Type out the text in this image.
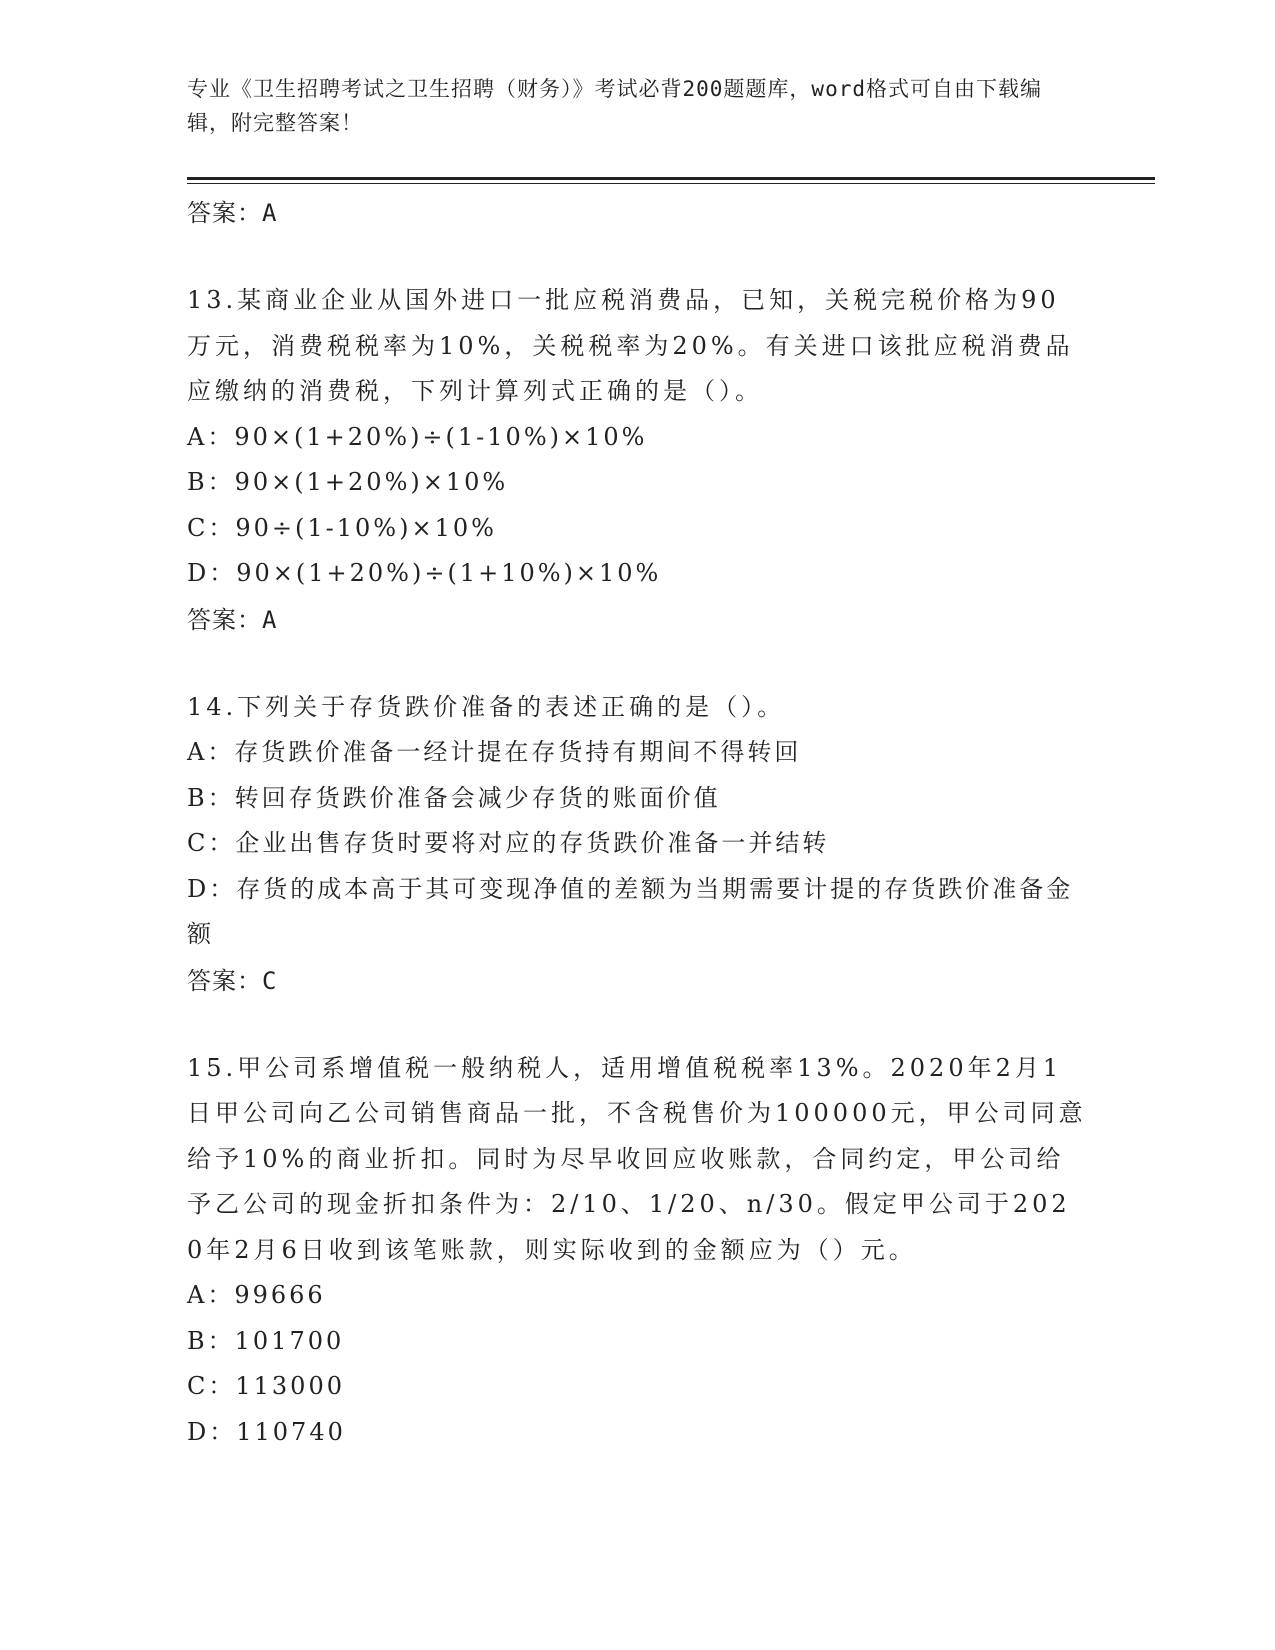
专业《卫生招聘考试之卫生招聘（财务）》考试必背200题题库，word格式可自由下载编辑，附完整答案！
答案：A
13.某商业企业从国外进口一批应税消费品，已知，关税完税价格为90万元，消费税税率为10%，关税税率为20%。有关进口该批应税消费品应缴纳的消费税，下列计算列式正确的是（）。
A：90×(1+20%)÷(1-10%)×10%
B：90×(1+20%)×10%
C：90÷(1-10%)×10%
D：90×(1+20%)÷(1+10%)×10%
答案：A
14.下列关于存货跌价准备的表述正确的是（）。
A：存货跌价准备一经计提在存货持有期间不得转回
B：转回存货跌价准备会减少存货的账面价值
C：企业出售存货时要将对应的存货跌价准备一并结转
D：存货的成本高于其可变现净值的差额为当期需要计提的存货跌价准备金额
答案：C
15.甲公司系增值税一般纳税人，适用增值税税率13%。2020年2月1日甲公司向乙公司销售商品一批，不含税售价为100000元，甲公司同意给予10%的商业折扣。同时为尽早收回应收账款，合同约定，甲公司给予乙公司的现金折扣条件为：2/10、1/20、n/30。假定甲公司于2020年2月6日收到该笔账款，则实际收到的金额应为（）元。
A：99666
B：101700
C：113000
D：110740
